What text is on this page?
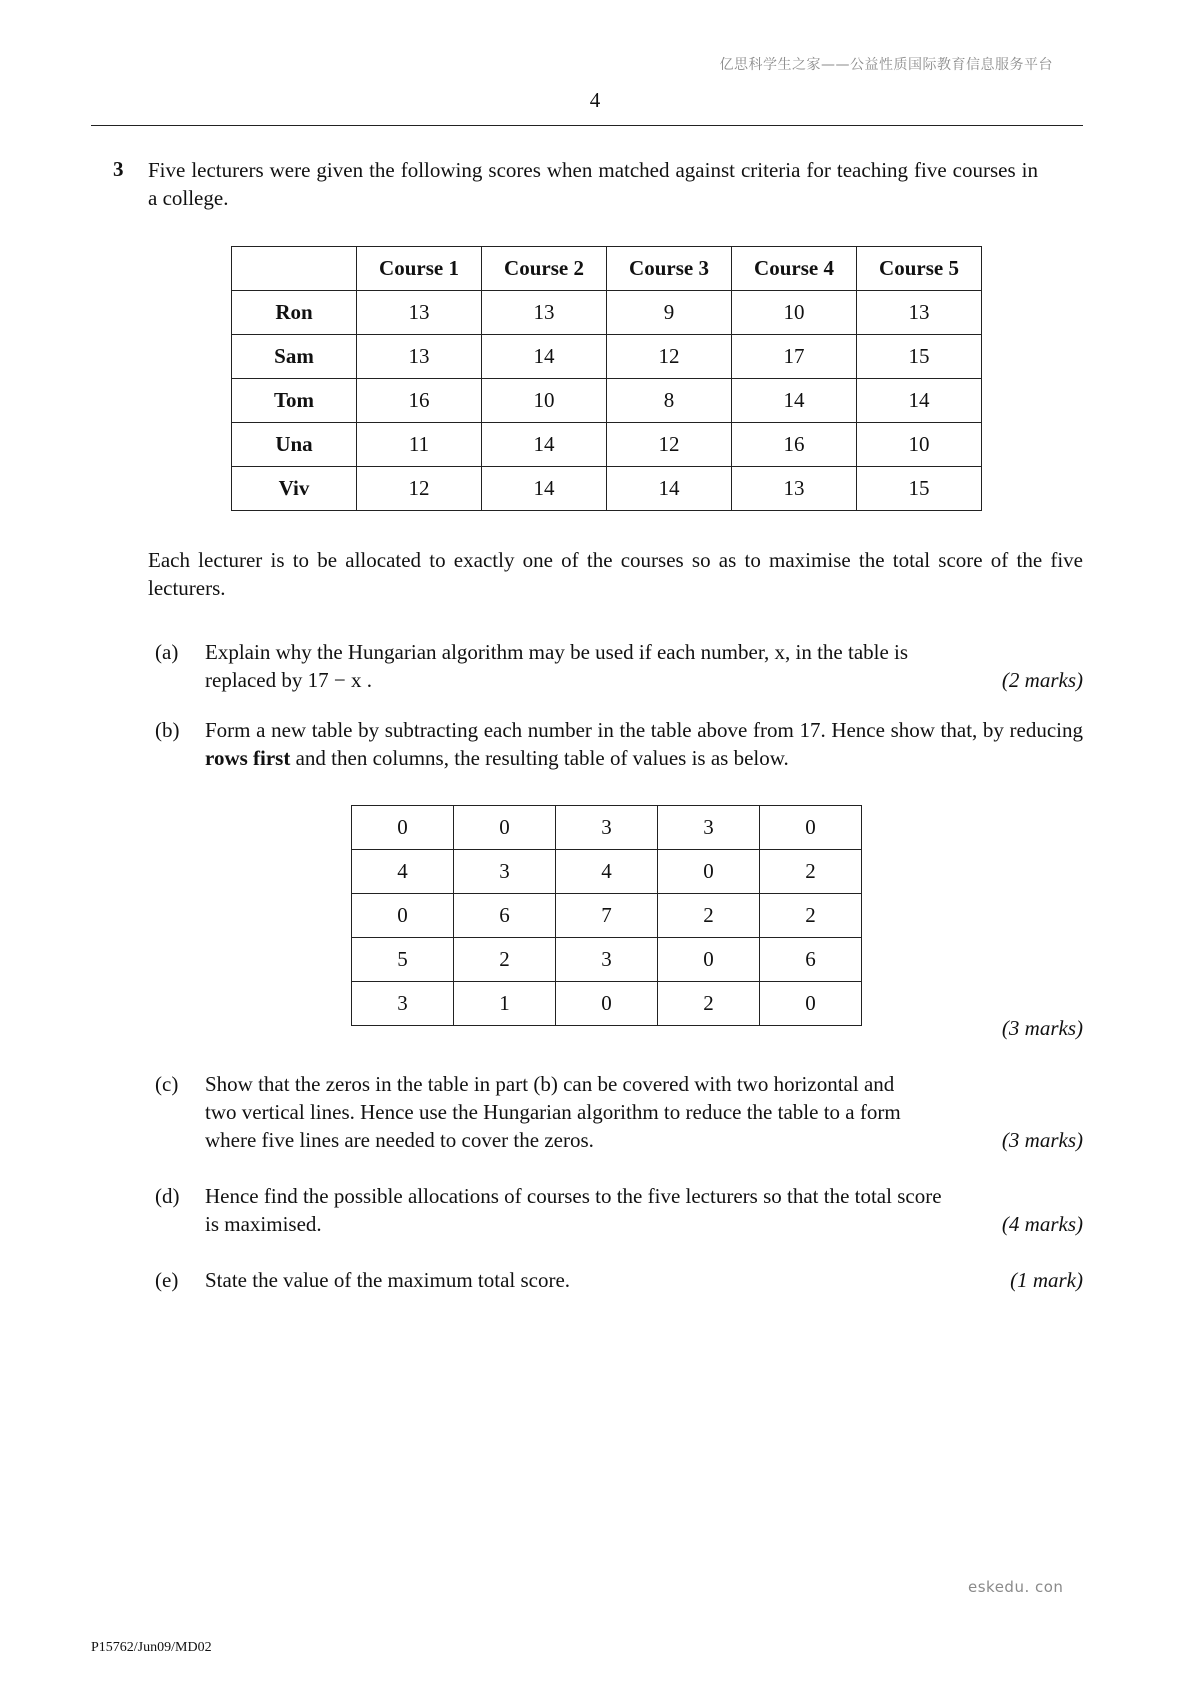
亿思科学生之家——公益性质国际教育信息服务平台
4
3 Five lecturers were given the following scores when matched against criteria for teaching five courses in a college.
	Course 1	Course 2	Course 3	Course 4	Course 5
Ron	13	13	9	10	13
Sam	13	14	12	17	15
Tom	16	10	8	14	14
Una	11	14	12	16	10
Viv	12	14	14	13	15
Each lecturer is to be allocated to exactly one of the courses so as to maximise the total score of the five lecturers.
(a) Explain why the Hungarian algorithm may be used if each number, x, in the table is
replaced by 17 − x .	(2 marks)
(b) Form a new table by subtracting each number in the table above from 17. Hence show that, by reducing rows first and then columns, the resulting table of values is as below.
0	0	3	3	0
4	3	4	0	2
0	6	7	2	2
5	2	3	0	6
3	1	0	2	0
(3 marks)
(c) Show that the zeros in the table in part (b) can be covered with two horizontal and
two vertical lines. Hence use the Hungarian algorithm to reduce the table to a form
where five lines are needed to cover the zeros.	(3 marks)
(d) Hence find the possible allocations of courses to the five lecturers so that the total score
is maximised.	(4 marks)
(e) State the value of the maximum total score.	(1 mark)
eskedu. con
P15762/Jun09/MD02
